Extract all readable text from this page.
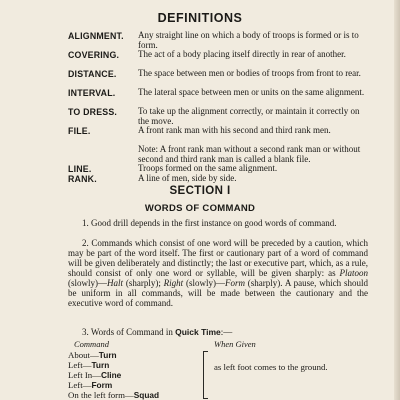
DEFINITIONS
ALIGNMENT. Any straight line on which a body of troops is formed or is to form.
COVERING. The act of a body placing itself directly in rear of another.
DISTANCE. The space between men or bodies of troops from front to rear.
INTERVAL.	The lateral space between men or units on the same alignment.
TO DRESS. To take up the alignment correctly, or maintain it correctly on the move.
FILE.	A front rank man with his second and third rank men.
Note: A front rank man without a second rank man or without second and third rank man is called a blank file.
LINE.	Troops formed on the same alignment.
RANK.	A line of men, side by side.
SECTION I
WORDS OF COMMAND
1. Good drill depends in the first instance on good words of command.
2. Commands which consist of one word will be preceded by a caution, which may be part of the word itself. The first or cautionary part of a word of command will be given deliberately and distinctly; the last or executive part, which, as a rule, should consist of only one word or syllable, will be given sharply: as Platoon (slowly)—Halt (sharply); Right (slowly)—Form (sharply). A pause, which should be uniform in all commands, will be made between the cautionary and the executive word of command.
3. Words of Command in Quick Time:—
Command	When Given
About—Turn
Left—Turn
Left In—Cline
Left—Form
On the left form—Squad
as left foot comes to the ground.
